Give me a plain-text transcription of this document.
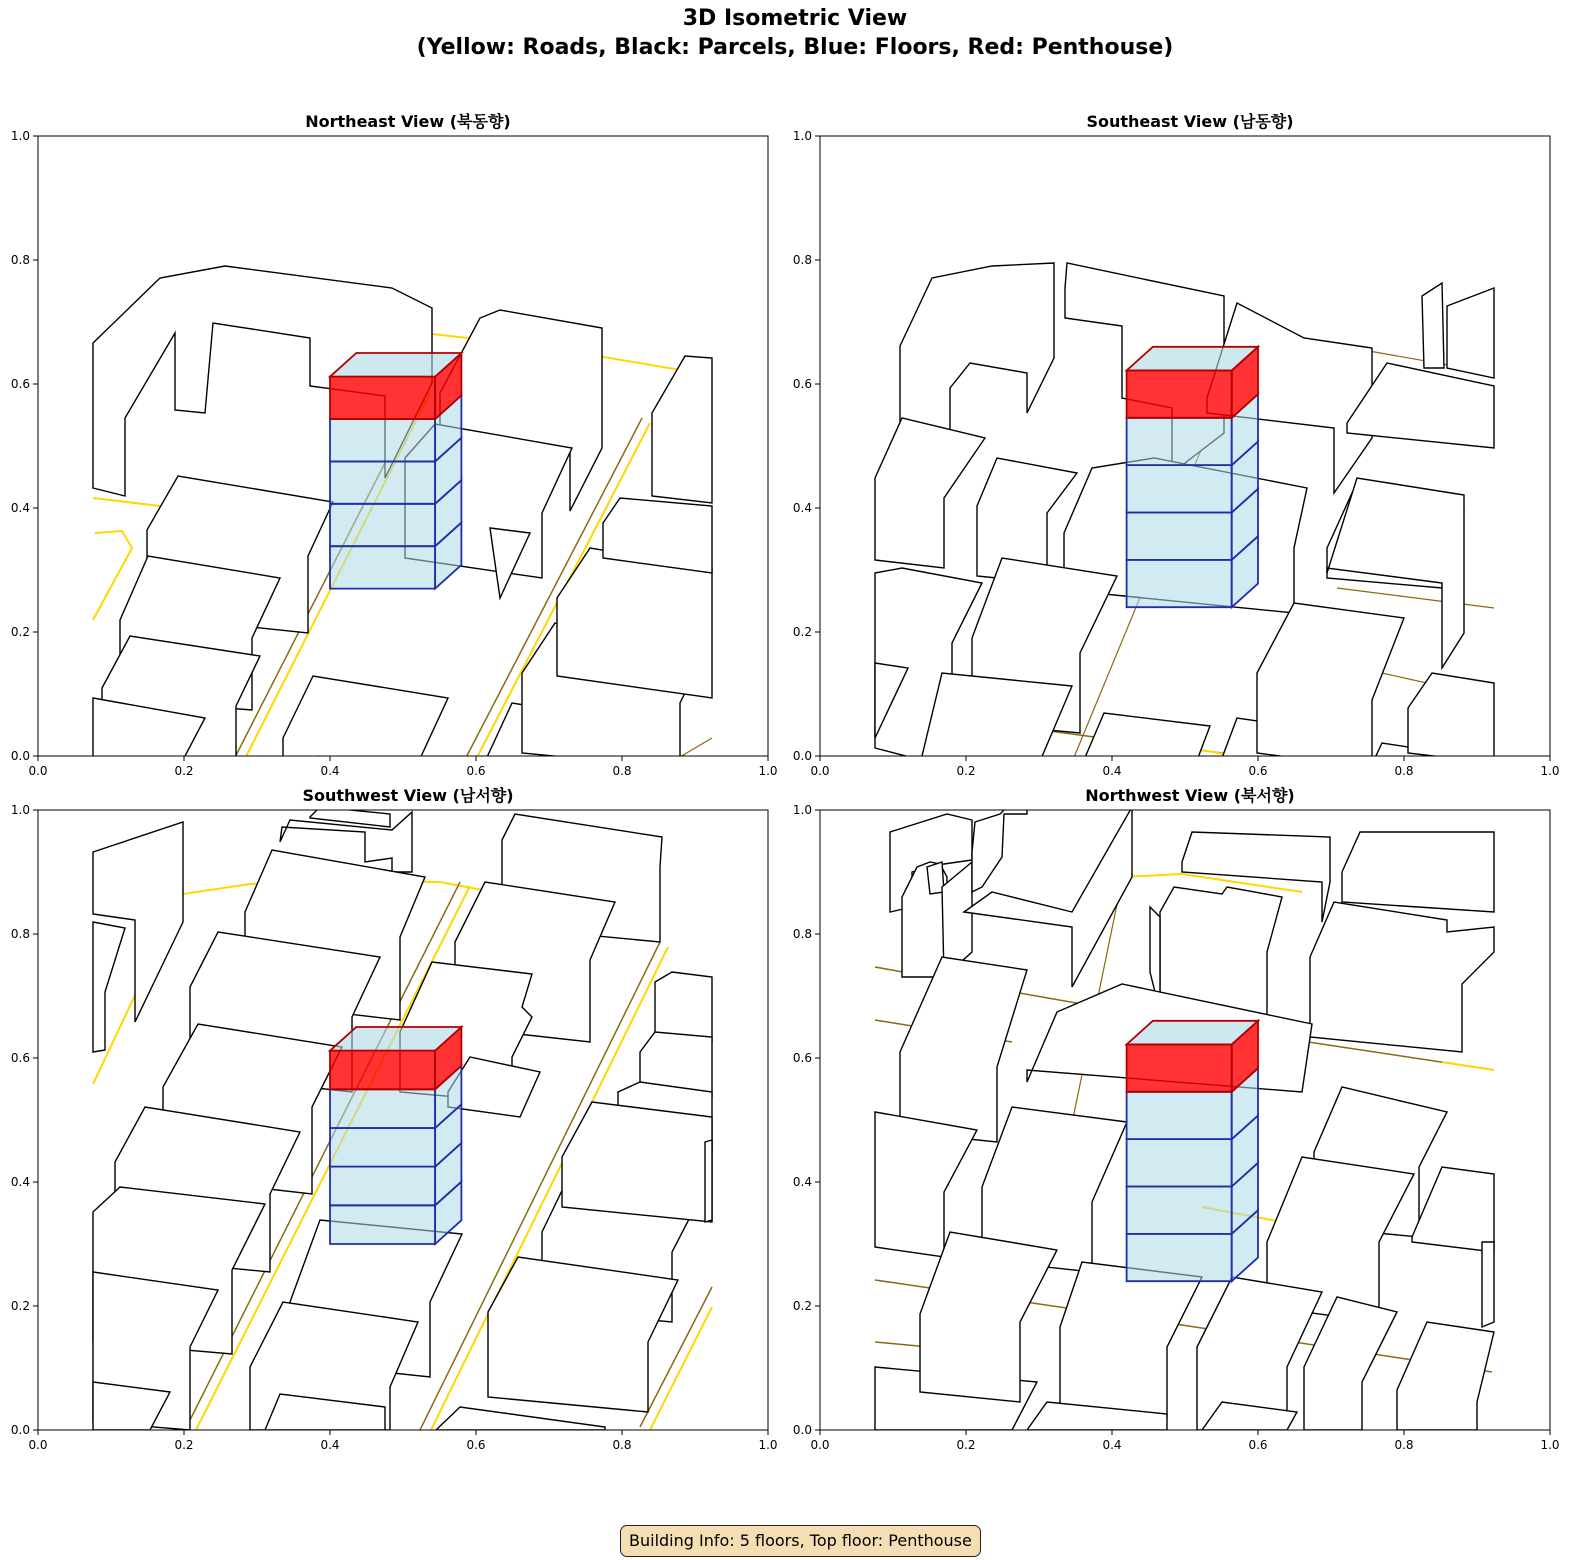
3D Isometric View
(Yellow: Roads, Black: Parcels, Blue: Floors, Red: Penthouse)
Northeast View (북동향)
0.0	0.2	0.4	0.6	0.8	1.0
0.0
0.2
0.4
0.6
0.8
1.0
Southeast View (남동향)
0.0	0.2	0.4	0.6	0.8	1.0
0.0
0.2
0.4
0.6
0.8
1.0
Southwest View (남서향)
0.0	0.2	0.4	0.6	0.8	1.0
0.0
0.2
0.4
0.6
0.8
1.0
Northwest View (북서향)
0.0	0.2	0.4	0.6	0.8	1.0
0.0
0.2
0.4
0.6
0.8
1.0
Building Info: 5 floors, Top floor: Penthouse
